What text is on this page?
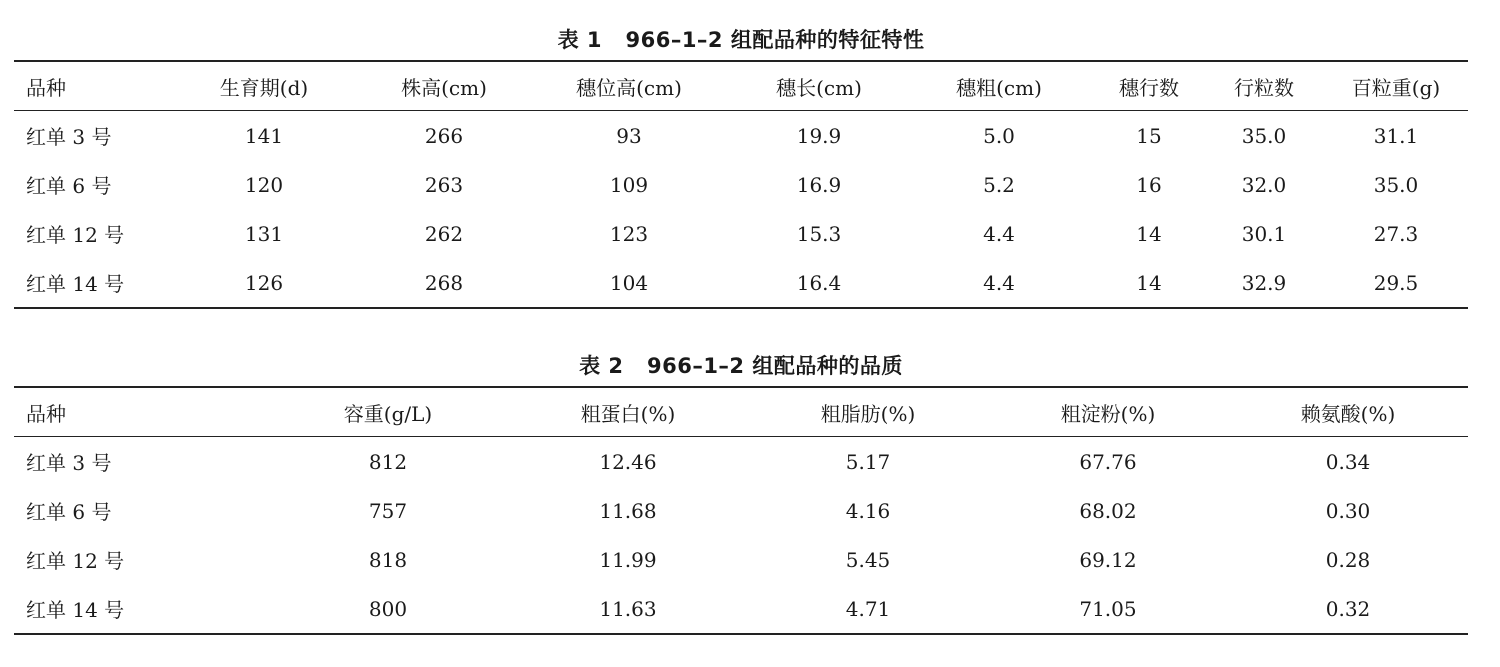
表 1   966–1–2 组配品种的特征特性
品种	生育期(d)	株高(cm)	穗位高(cm)	穗长(cm)	穗粗(cm)	穗行数	行粒数	百粒重(g)
红单 3 号	141	266	93	19.9	5.0	15	35.0	31.1
红单 6 号	120	263	109	16.9	5.2	16	32.0	35.0
红单 12 号	131	262	123	15.3	4.4	14	30.1	27.3
红单 14 号	126	268	104	16.4	4.4	14	32.9	29.5
表 2   966–1–2 组配品种的品质
品种	容重(g/L)	粗蛋白(%)	粗脂肪(%)	粗淀粉(%)	赖氨酸(%)
红单 3 号	812	12.46	5.17	67.76	0.34
红单 6 号	757	11.68	4.16	68.02	0.30
红单 12 号	818	11.99	5.45	69.12	0.28
红单 14 号	800	11.63	4.71	71.05	0.32
